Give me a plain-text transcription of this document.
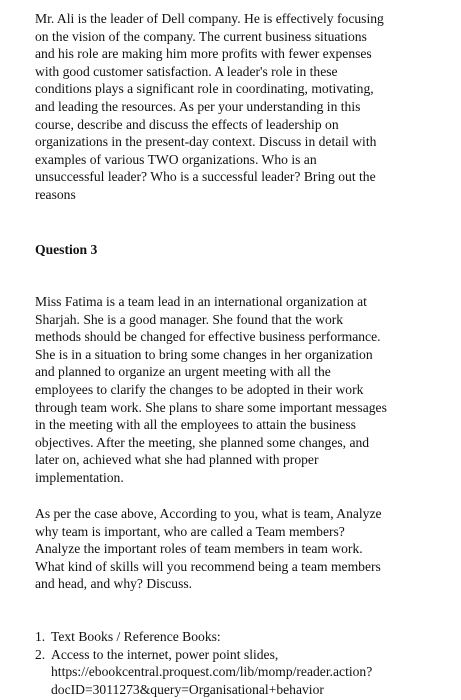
Mr. Ali is the leader of Dell company. He is effectively focusing
on the vision of the company. The current business situations
and his role are making him more profits with fewer expenses
with good customer satisfaction. A leader's role in these
conditions plays a significant role in coordinating, motivating,
and leading the resources. As per your understanding in this
course, describe and discuss the effects of leadership on
organizations in the present-day context. Discuss in detail with
examples of various TWO organizations. Who is an
unsuccessful leader? Who is a successful leader? Bring out the
reasons
Question 3
Miss Fatima is a team lead in an international organization at
Sharjah. She is a good manager. She found that the work
methods should be changed for effective business performance.
She is in a situation to bring some changes in her organization
and planned to organize an urgent meeting with all the
employees to clarify the changes to be adopted in their work
through team work. She plans to share some important messages
in the meeting with all the employees to attain the business
objectives. After the meeting, she planned some changes, and
later on, achieved what she had planned with proper
implementation.
As per the case above, According to you, what is team, Analyze
why team is important, who are called a Team members?
Analyze the important roles of team members in team work.
What kind of skills will you recommend being a team members
and head, and why? Discuss.
1. Text Books / Reference Books:
2. Access to the internet, power point slides,
https://ebookcentral.proquest.com/lib/momp/reader.action?
docID=3011273&query=Organisational+behavior
